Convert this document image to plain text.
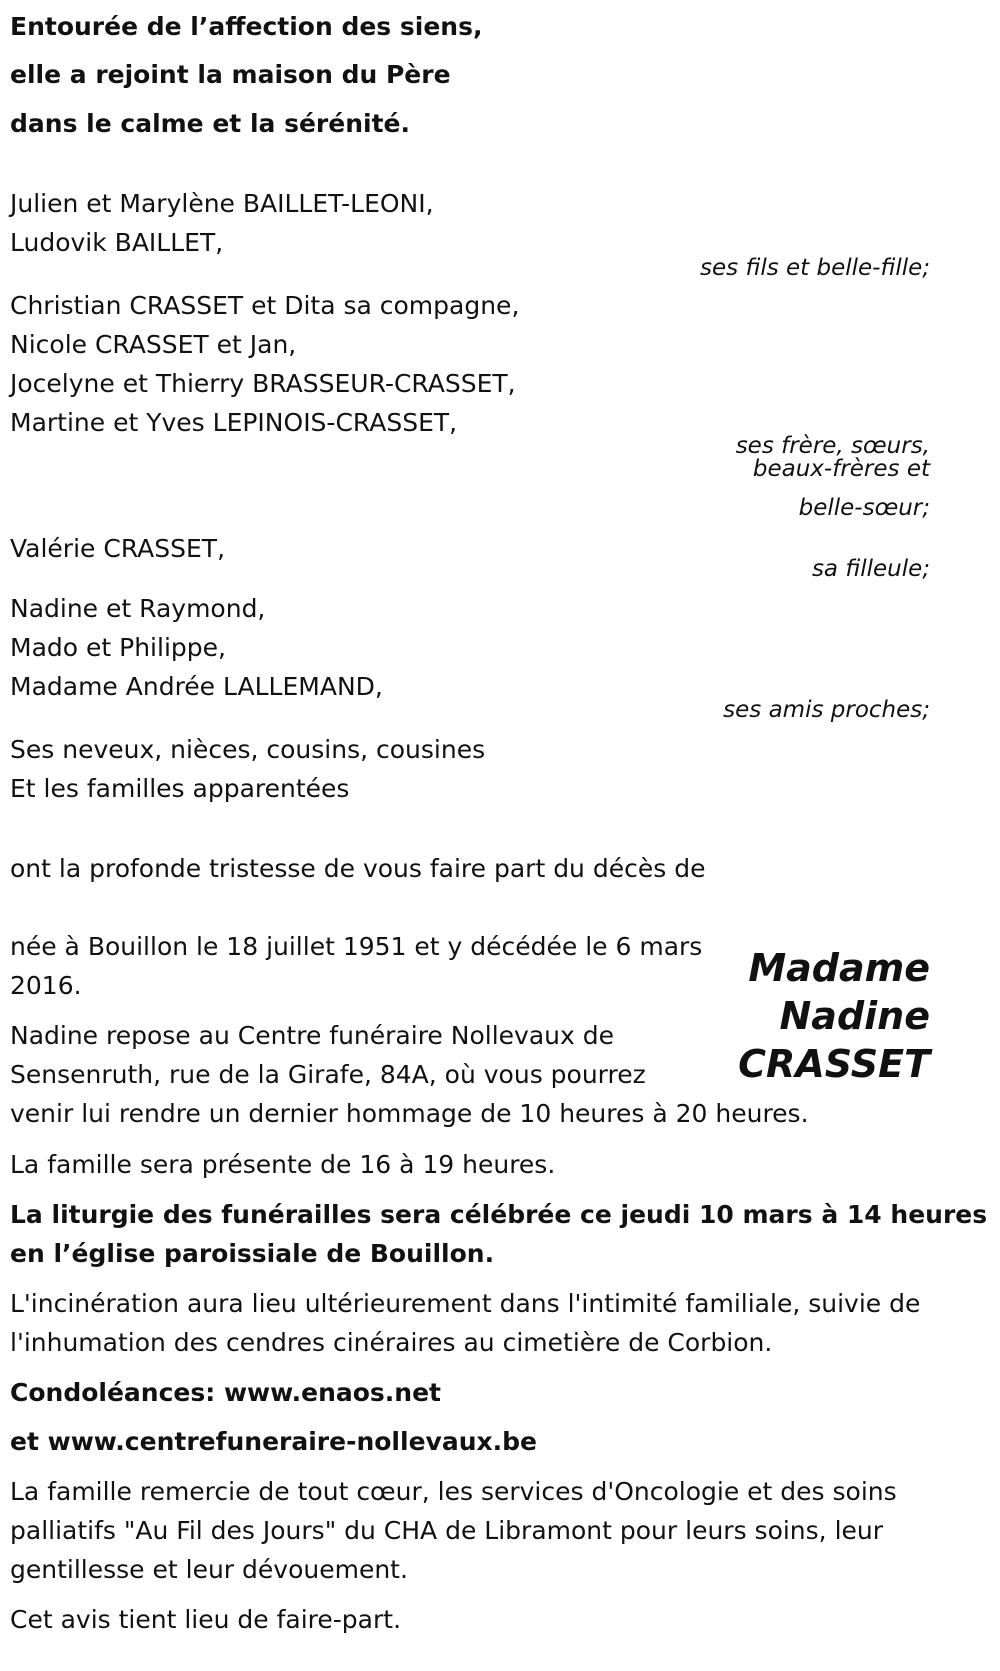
Entourée de l’affection des siens,
elle a rejoint la maison du Père
dans le calme et la sérénité.
Julien et Marylène BAILLET-LEONI,
Ludovik BAILLET,
ses fils et belle-fille;
Christian CRASSET et Dita sa compagne,
Nicole CRASSET et Jan,
Jocelyne et Thierry BRASSEUR-CRASSET,
Martine et Yves LEPINOIS-CRASSET,
ses frère, sœurs,
beaux-frères et
belle-sœur;
Valérie CRASSET,
sa filleule;
Nadine et Raymond,
Mado et Philippe,
Madame Andrée LALLEMAND,
ses amis proches;
Ses neveux, nièces, cousins, cousines
Et les familles apparentées
ont la profonde tristesse de vous faire part du décès de
Madame
Nadine
CRASSET
née à Bouillon le 18 juillet 1951 et y décédée le 6 mars
2016.
Nadine repose au Centre funéraire Nollevaux de
Sensenruth, rue de la Girafe, 84A, où vous pourrez
venir lui rendre un dernier hommage de 10 heures à 20 heures.
La famille sera présente de 16 à 19 heures.
La liturgie des funérailles sera célébrée ce jeudi 10 mars à 14 heures
en l’église paroissiale de Bouillon.
L'incinération aura lieu ultérieurement dans l'intimité familiale, suivie de
l'inhumation des cendres cinéraires au cimetière de Corbion.
Condoléances: www.enaos.net
et www.centrefuneraire-nollevaux.be
La famille remercie de tout cœur, les services d'Oncologie et des soins
palliatifs "Au Fil des Jours" du CHA de Libramont pour leurs soins, leur
gentillesse et leur dévouement.
Cet avis tient lieu de faire-part.
